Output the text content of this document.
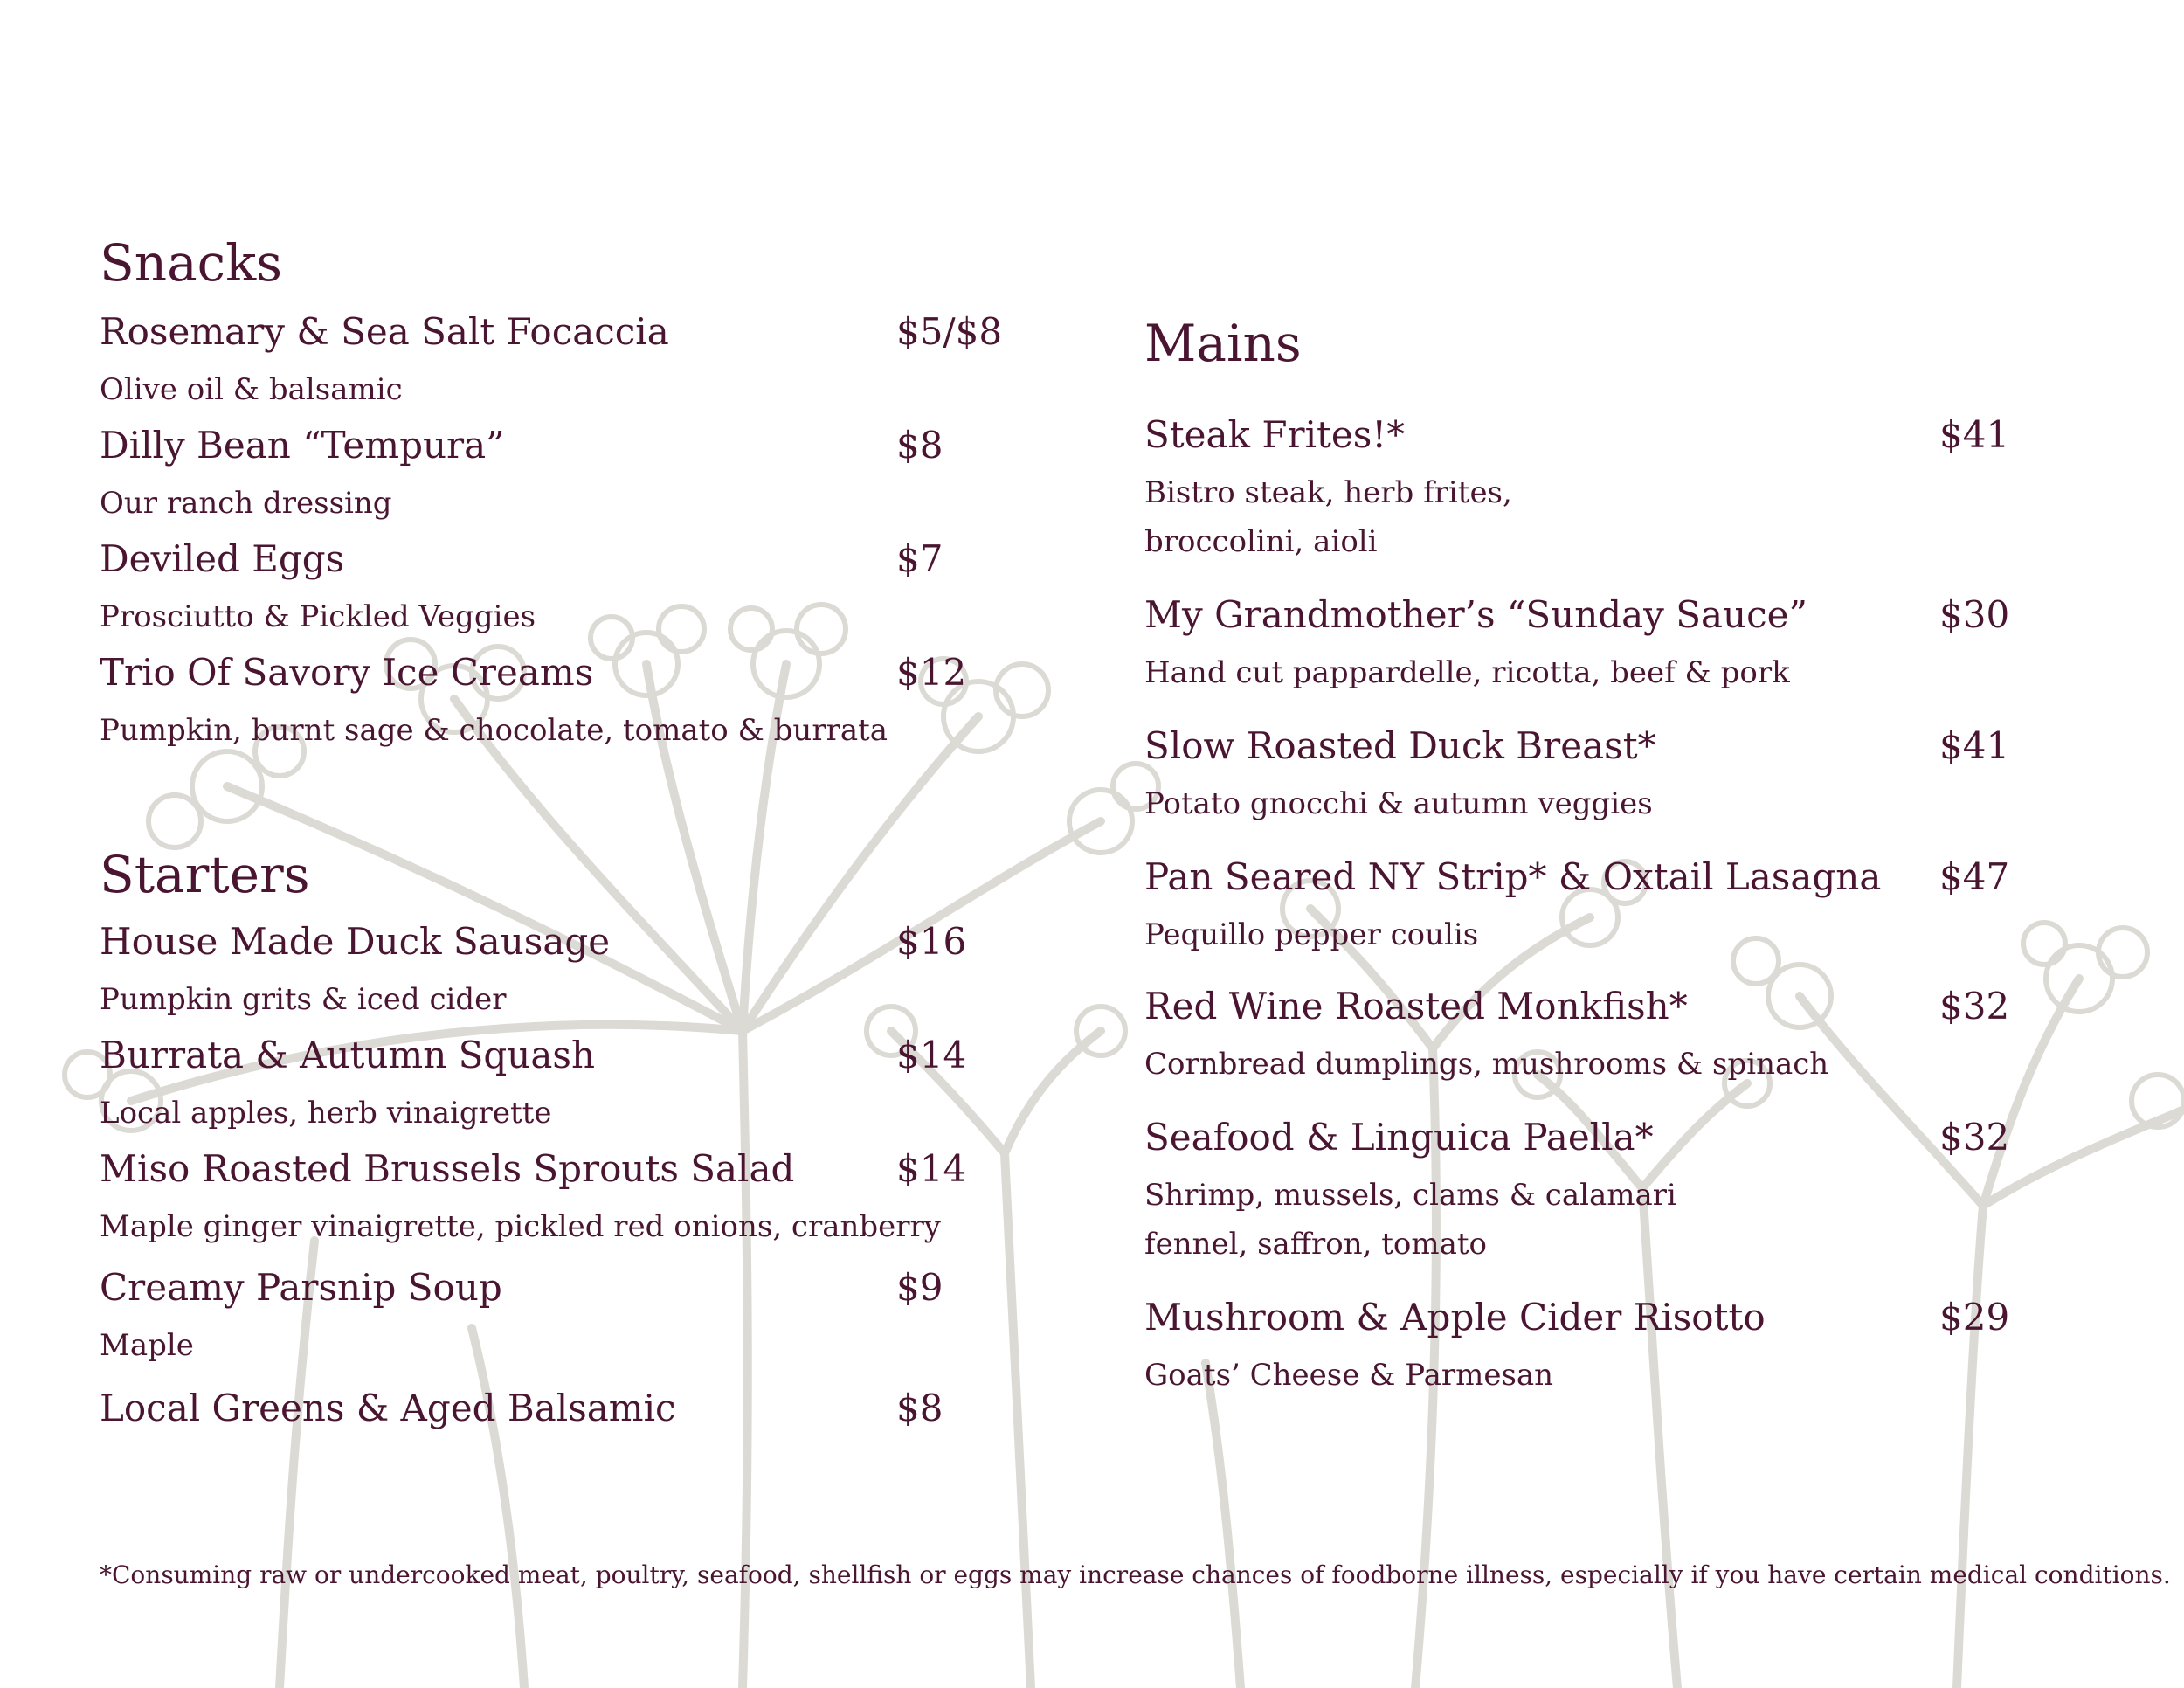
Snacks
Rosemary & Sea Salt Focaccia	$5/$8
Olive oil & balsamic
Dilly Bean “Tempura”	$8
Our ranch dressing
Deviled Eggs	$7
Prosciutto & Pickled Veggies
Trio Of Savory Ice Creams	$12
Pumpkin, burnt sage & chocolate, tomato & burrata
Starters
House Made Duck Sausage	$16
Pumpkin grits & iced cider
Burrata & Autumn Squash	$14
Local apples, herb vinaigrette
Miso Roasted Brussels Sprouts Salad	$14
Maple ginger vinaigrette, pickled red onions, cranberry
Creamy Parsnip Soup	$9
Maple
Local Greens & Aged Balsamic	$8
Mains
Steak Frites!*	$41
Bistro steak, herb frites,
broccolini, aioli
My Grandmother’s “Sunday Sauce”	$30
Hand cut pappardelle, ricotta, beef & pork
Slow Roasted Duck Breast*	$41
Potato gnocchi & autumn veggies
Pan Seared NY Strip* & Oxtail Lasagna $47
Pequillo pepper coulis
Red Wine Roasted Monkfish*	$32
Cornbread dumplings, mushrooms & spinach
Seafood & Linguica Paella*	$32
Shrimp, mussels, clams & calamari
fennel, saffron, tomato
Mushroom & Apple Cider Risotto	$29
Goats’ Cheese & Parmesan
*Consuming raw or undercooked meat, poultry, seafood, shellfish or eggs may increase chances of foodborne illness, especially if you have certain medical conditions.
